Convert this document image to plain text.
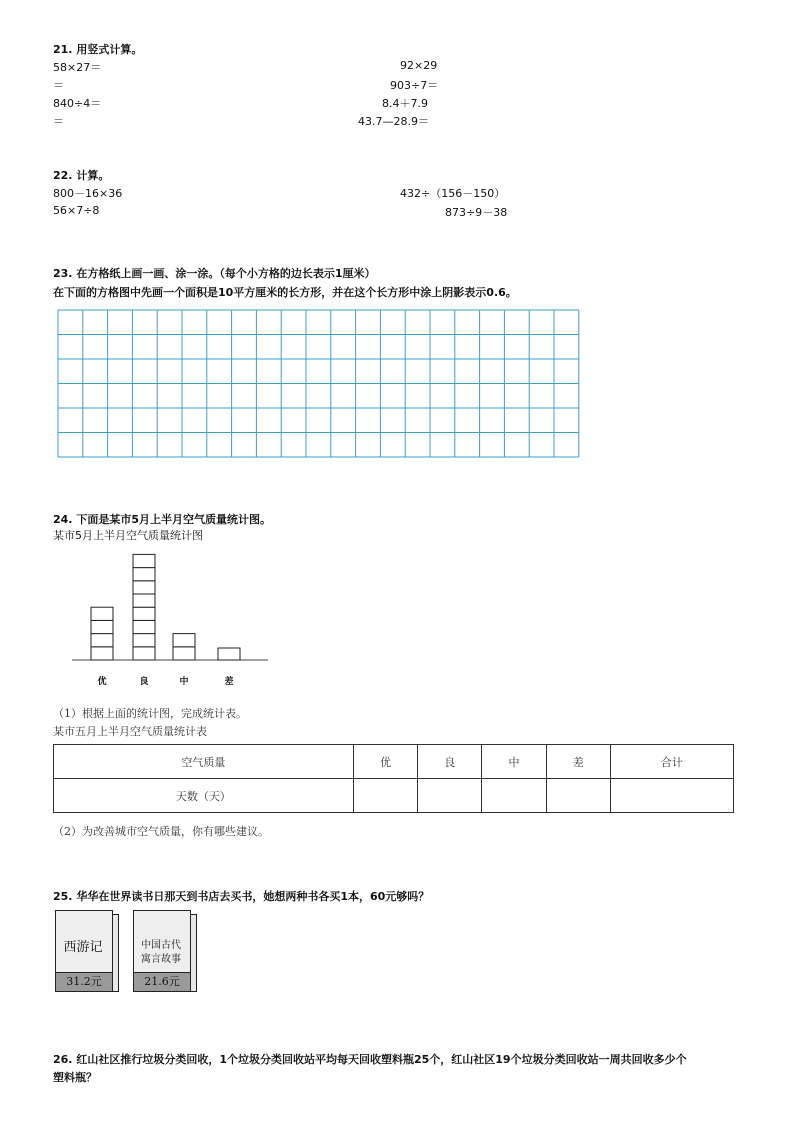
21. 用竖式计算。
58×27＝	92×29
＝	903÷7＝
840÷4＝	8.4＋7.9
＝	43.7—28.9＝
22. 计算。
800－16×36	432÷（156－150）
56×7÷8	873÷9－38
23. 在方格纸上画一画、涂一涂。（每个小方格的边长表示1厘米）
在下面的方格图中先画一个面积是10平方厘米的长方形，并在这个长方形中涂上阴影表示0.6。
24. 下面是某市5月上半月空气质量统计图。
某市5月上半月空气质量统计图
优	良	中	差
（1）根据上面的统计图，完成统计表。
某市五月上半月空气质量统计表
空气质量	优	良	中	差	合计
天数（天）					
（2）为改善城市空气质量，你有哪些建议。
25. 华华在世界读书日那天到书店去买书，她想两种书各买1本，60元够吗？
西游记
31.2元
中国古代
寓言故事
21.6元
26. 红山社区推行垃圾分类回收，1个垃圾分类回收站平均每天回收塑料瓶25个，红山社区19个垃圾分类回收站一周共回收多少个
塑料瓶？
